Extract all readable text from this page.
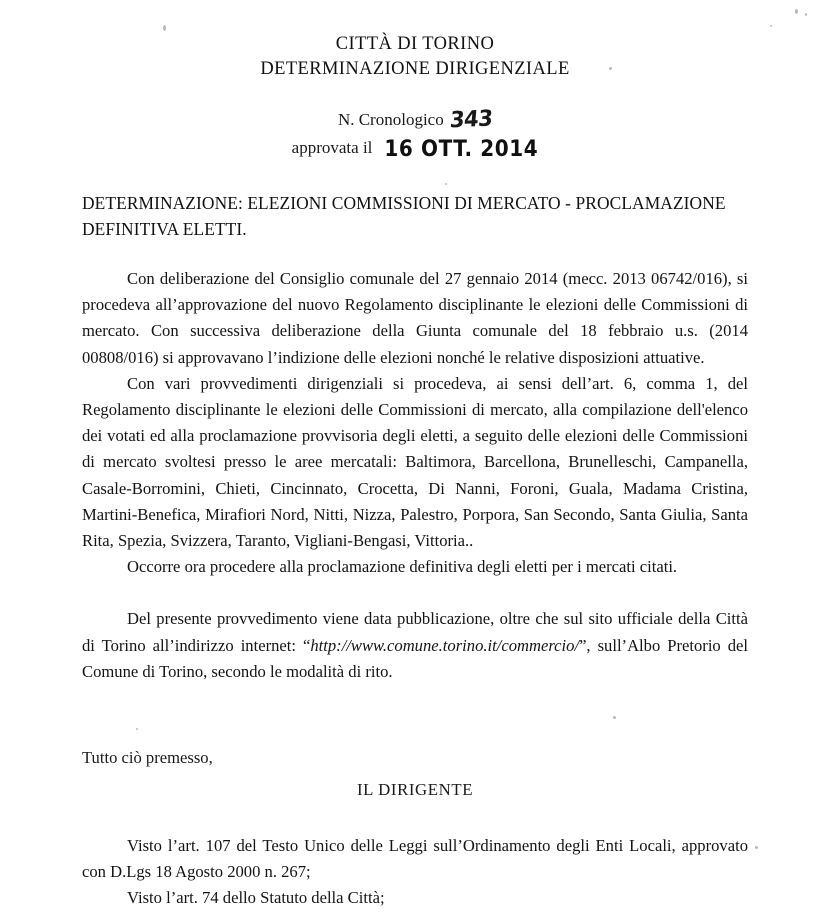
CITTÀ DI TORINO
DETERMINAZIONE DIRIGENZIALE
N. Cronologico 343
approvata il 16 OTT. 2014
DETERMINAZIONE: ELEZIONI COMMISSIONI DI MERCATO - PROCLAMAZIONE DEFINITIVA ELETTI.
Con deliberazione del Consiglio comunale del 27 gennaio 2014 (mecc. 2013 06742/016), si procedeva all’approvazione del nuovo Regolamento disciplinante le elezioni delle Commissioni di mercato. Con successiva deliberazione della Giunta comunale del 18 febbraio u.s. (2014 00808/016) si approvavano l’indizione delle elezioni nonché le relative disposizioni attuative.
Con vari provvedimenti dirigenziali si procedeva, ai sensi dell’art. 6, comma 1, del Regolamento disciplinante le elezioni delle Commissioni di mercato, alla compilazione dell'elenco dei votati ed alla proclamazione provvisoria degli eletti, a seguito delle elezioni delle Commissioni di mercato svoltesi presso le aree mercatali: Baltimora, Barcellona, Brunelleschi, Campanella, Casale-Borromini, Chieti, Cincinnato, Crocetta, Di Nanni, Foroni, Guala, Madama Cristina, Martini-Benefica, Mirafiori Nord, Nitti, Nizza, Palestro, Porpora, San Secondo, Santa Giulia, Santa Rita, Spezia, Svizzera, Taranto, Vigliani-Bengasi, Vittoria..
Occorre ora procedere alla proclamazione definitiva degli eletti per i mercati citati.
Del presente provvedimento viene data pubblicazione, oltre che sul sito ufficiale della Città di Torino all’indirizzo internet: “http://www.comune.torino.it/commercio/”, sull’Albo Pretorio del Comune di Torino, secondo le modalità di rito.
Tutto ciò premesso,
IL DIRIGENTE
Visto l’art. 107 del Testo Unico delle Leggi sull’Ordinamento degli Enti Locali, approvato con D.Lgs 18 Agosto 2000 n. 267;
Visto l’art. 74 dello Statuto della Città;
